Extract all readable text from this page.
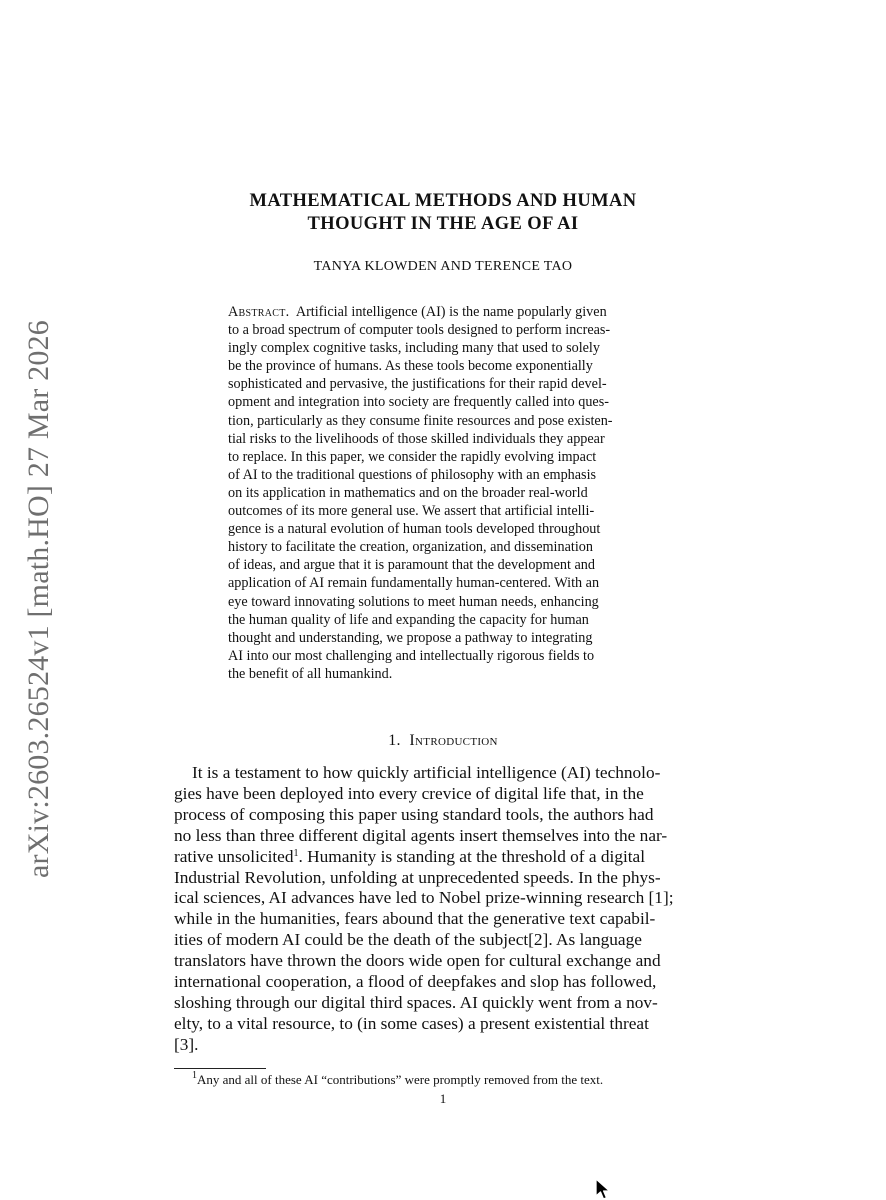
arXiv:2603.26524v1 [math.HO] 27 Mar 2026
MATHEMATICAL METHODS AND HUMAN
THOUGHT IN THE AGE OF AI
TANYA KLOWDEN AND TERENCE TAO
Abstract. Artificial intelligence (AI) is the name popularly given
to a broad spectrum of computer tools designed to perform increas-
ingly complex cognitive tasks, including many that used to solely
be the province of humans. As these tools become exponentially
sophisticated and pervasive, the justifications for their rapid devel-
opment and integration into society are frequently called into ques-
tion, particularly as they consume finite resources and pose existen-
tial risks to the livelihoods of those skilled individuals they appear
to replace. In this paper, we consider the rapidly evolving impact
of AI to the traditional questions of philosophy with an emphasis
on its application in mathematics and on the broader real-world
outcomes of its more general use. We assert that artificial intelli-
gence is a natural evolution of human tools developed throughout
history to facilitate the creation, organization, and dissemination
of ideas, and argue that it is paramount that the development and
application of AI remain fundamentally human-centered. With an
eye toward innovating solutions to meet human needs, enhancing
the human quality of life and expanding the capacity for human
thought and understanding, we propose a pathway to integrating
AI into our most challenging and intellectually rigorous fields to
the benefit of all humankind.
1. Introduction
It is a testament to how quickly artificial intelligence (AI) technolo-
gies have been deployed into every crevice of digital life that, in the
process of composing this paper using standard tools, the authors had
no less than three different digital agents insert themselves into the nar-
rative unsolicited$^1$. Humanity is standing at the threshold of a digital
Industrial Revolution, unfolding at unprecedented speeds. In the phys-
ical sciences, AI advances have led to Nobel prize-winning research [1];
while in the humanities, fears abound that the generative text capabil-
ities of modern AI could be the death of the subject[2]. As language
translators have thrown the doors wide open for cultural exchange and
international cooperation, a flood of deepfakes and slop has followed,
sloshing through our digital third spaces. AI quickly went from a nov-
elty, to a vital resource, to (in some cases) a present existential threat
[3].
$^1$Any and all of these AI “contributions” were promptly removed from the text.
1
